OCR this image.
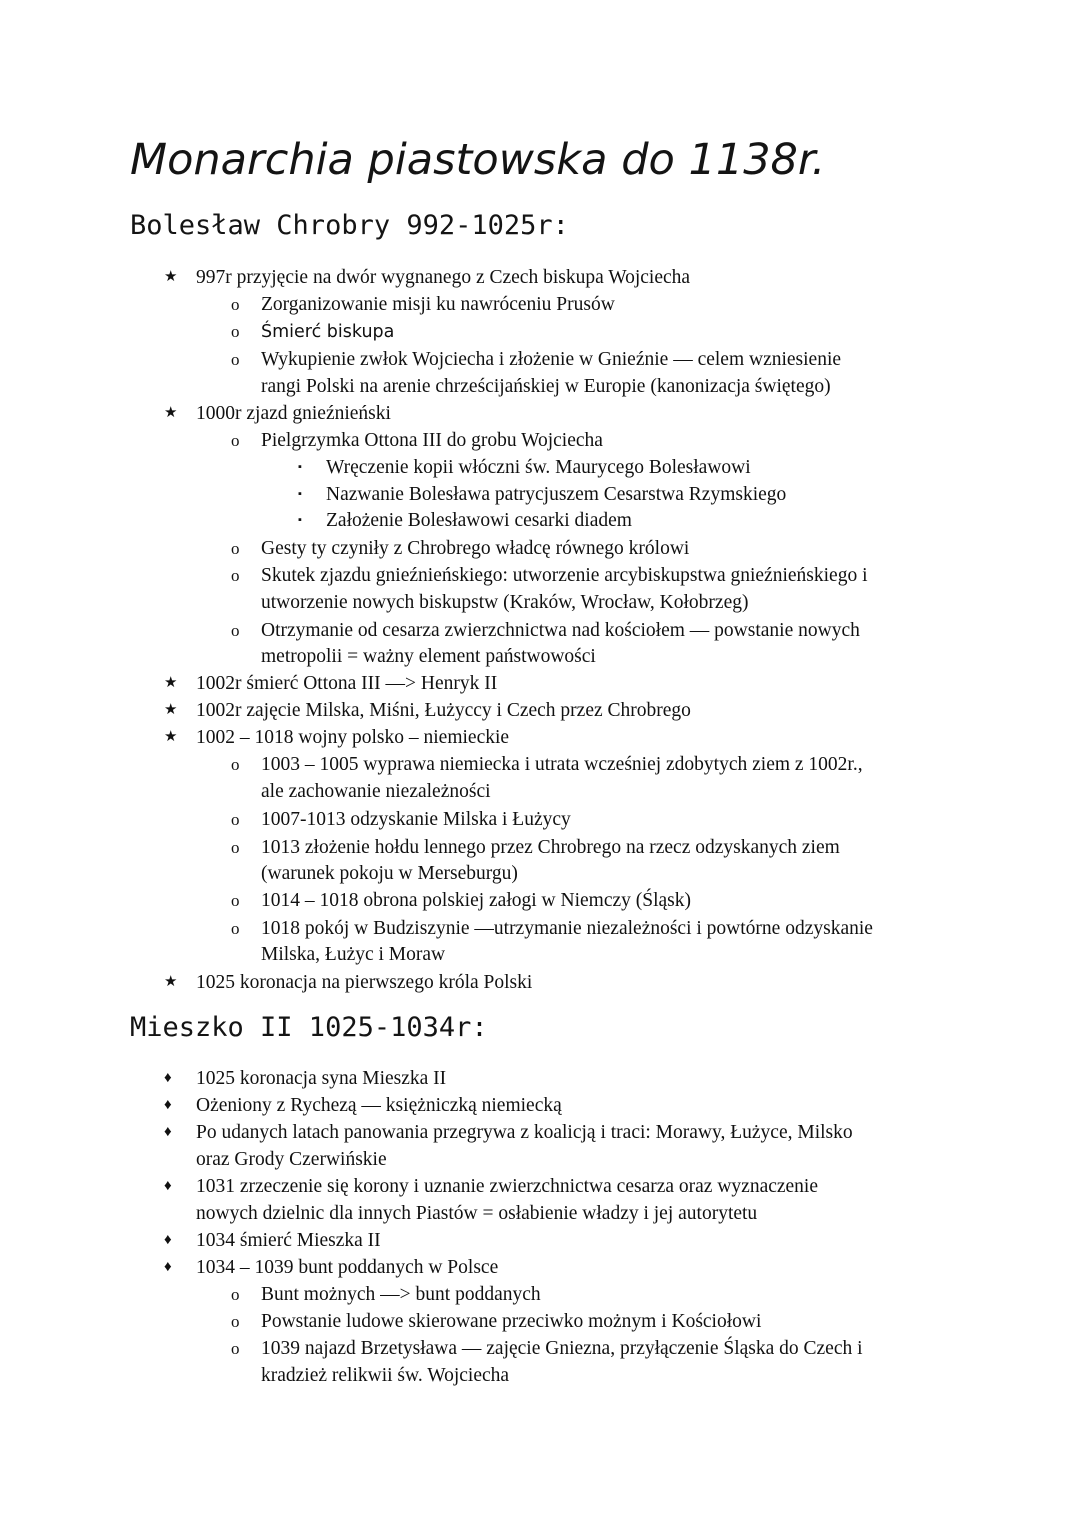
Monarchia piastowska do 1138r.
Bolesław Chrobry 992-1025r:
★ 997r przyjęcie na dwór wygnanego z Czech biskupa Wojciecha
o Zorganizowanie misji ku nawróceniu Prusów
o Śmierć biskupa
o Wykupienie zwłok Wojciecha i złożenie w Gnieźnie — celem wzniesienie
rangi Polski na arenie chrześcijańskiej w Europie (kanonizacja świętego)
★ 1000r zjazd gnieźnieński
o Pielgrzymka Ottona III do grobu Wojciecha
▪ Wręczenie kopii włóczni św. Maurycego Bolesławowi
▪ Nazwanie Bolesława patrycjuszem Cesarstwa Rzymskiego
▪ Założenie Bolesławowi cesarki diadem
o Gesty ty czyniły z Chrobrego władcę równego królowi
o Skutek zjazdu gnieźnieńskiego: utworzenie arcybiskupstwa gnieźnieńskiego i
utworzenie nowych biskupstw (Kraków, Wrocław, Kołobrzeg)
o Otrzymanie od cesarza zwierzchnictwa nad kościołem — powstanie nowych
metropolii = ważny element państwowości
★ 1002r śmierć Ottona III —> Henryk II
★ 1002r zajęcie Milska, Miśni, Łużyccy i Czech przez Chrobrego
★ 1002 – 1018 wojny polsko – niemieckie
o 1003 – 1005 wyprawa niemiecka i utrata wcześniej zdobytych ziem z 1002r.,
ale zachowanie niezależności
o 1007-1013 odzyskanie Milska i Łużycy
o 1013 złożenie hołdu lennego przez Chrobrego na rzecz odzyskanych ziem
(warunek pokoju w Merseburgu)
o 1014 – 1018 obrona polskiej załogi w Niemczy (Śląsk)
o 1018 pokój w Budziszynie —utrzymanie niezależności i powtórne odzyskanie
Milska, Łużyc i Moraw
★ 1025 koronacja na pierwszego króla Polski
Mieszko II 1025-1034r:
♦ 1025 koronacja syna Mieszka II
♦ Ożeniony z Rychezą — księżniczką niemiecką
♦ Po udanych latach panowania przegrywa z koalicją i traci: Morawy, Łużyce, Milsko
oraz Grody Czerwińskie
♦ 1031 zrzeczenie się korony i uznanie zwierzchnictwa cesarza oraz wyznaczenie
nowych dzielnic dla innych Piastów = osłabienie władzy i jej autorytetu
♦ 1034 śmierć Mieszka II
♦ 1034 – 1039 bunt poddanych w Polsce
o Bunt możnych —> bunt poddanych
o Powstanie ludowe skierowane przeciwko możnym i Kościołowi
o 1039 najazd Brzetysława — zajęcie Gniezna, przyłączenie Śląska do Czech i
kradzież relikwii św. Wojciecha
